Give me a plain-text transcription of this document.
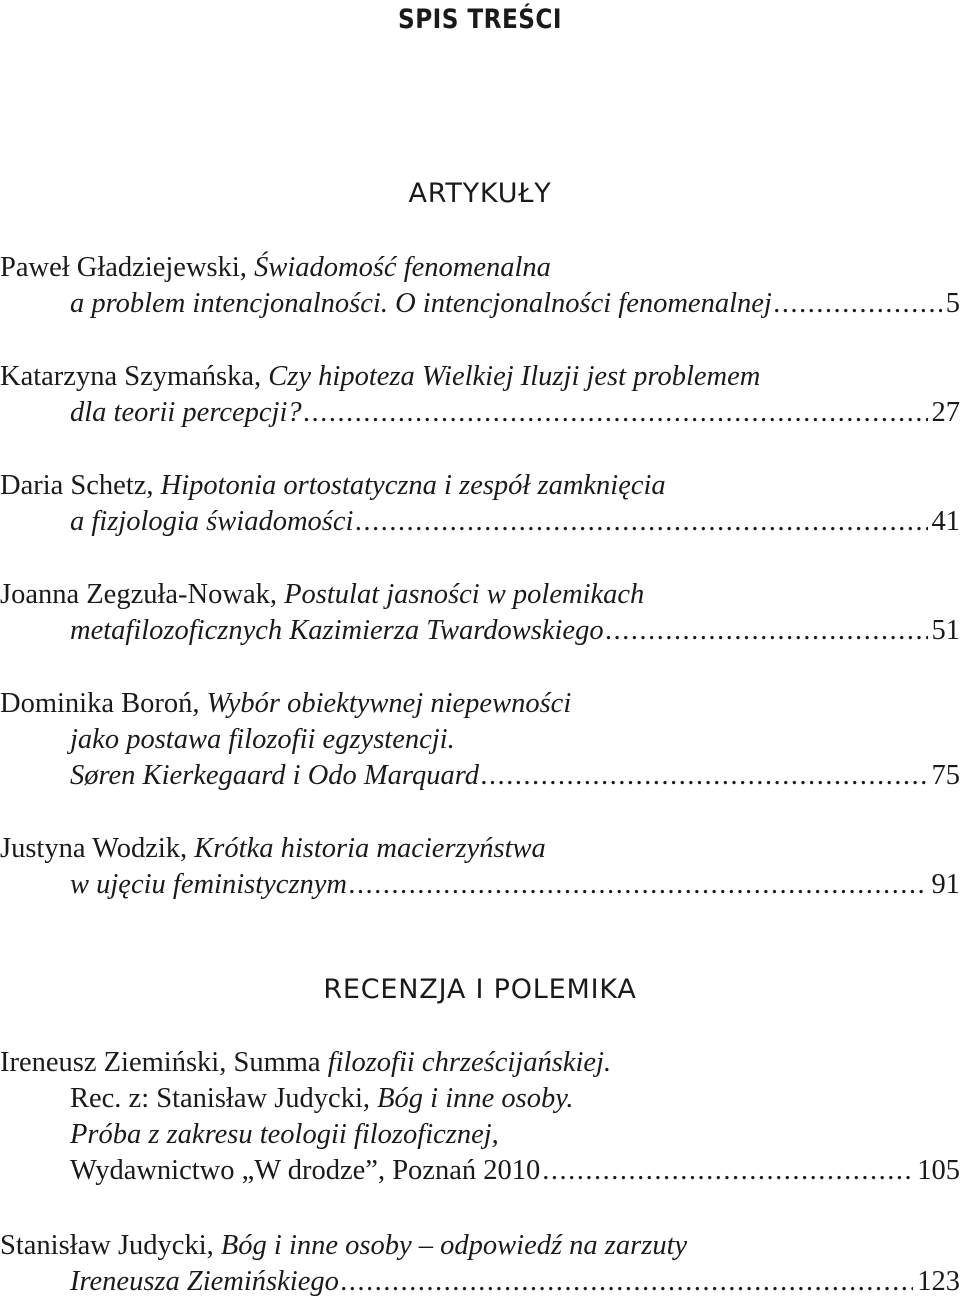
SPIS TREŚCI
ARTYKUŁY
Paweł Gładziejewski, Świadomość fenomenalna
a problem intencjonalności. O intencjonalności fenomenalnej .....	5
Katarzyna Szymańska, Czy hipoteza Wielkiej Iluzji jest problemem
dla teorii percepcji? .....	27
Daria Schetz, Hipotonia ortostatyczna i zespół zamknięcia
a fizjologia świadomości .....	41
Joanna Zegzuła-Nowak, Postulat jasności w polemikach
metafilozoficznych Kazimierza Twardowskiego .....	51
Dominika Boroń, Wybór obiektywnej niepewności
jako postawa filozofii egzystencji.
Søren Kierkegaard i Odo Marquard .....	75
Justyna Wodzik, Krótka historia macierzyństwa
w ujęciu feministycznym .....	91
RECENZJA I POLEMIKA
Ireneusz Ziemiński, Summa filozofii chrześcijańskiej.
Rec. z: Stanisław Judycki, Bóg i inne osoby.
Próba z zakresu teologii filozoficznej,
Wydawnictwo „W drodze”, Poznań 2010 .....	105
Stanisław Judycki, Bóg i inne osoby – odpowiedź na zarzuty
Ireneusza Ziemińskiego .....	123
